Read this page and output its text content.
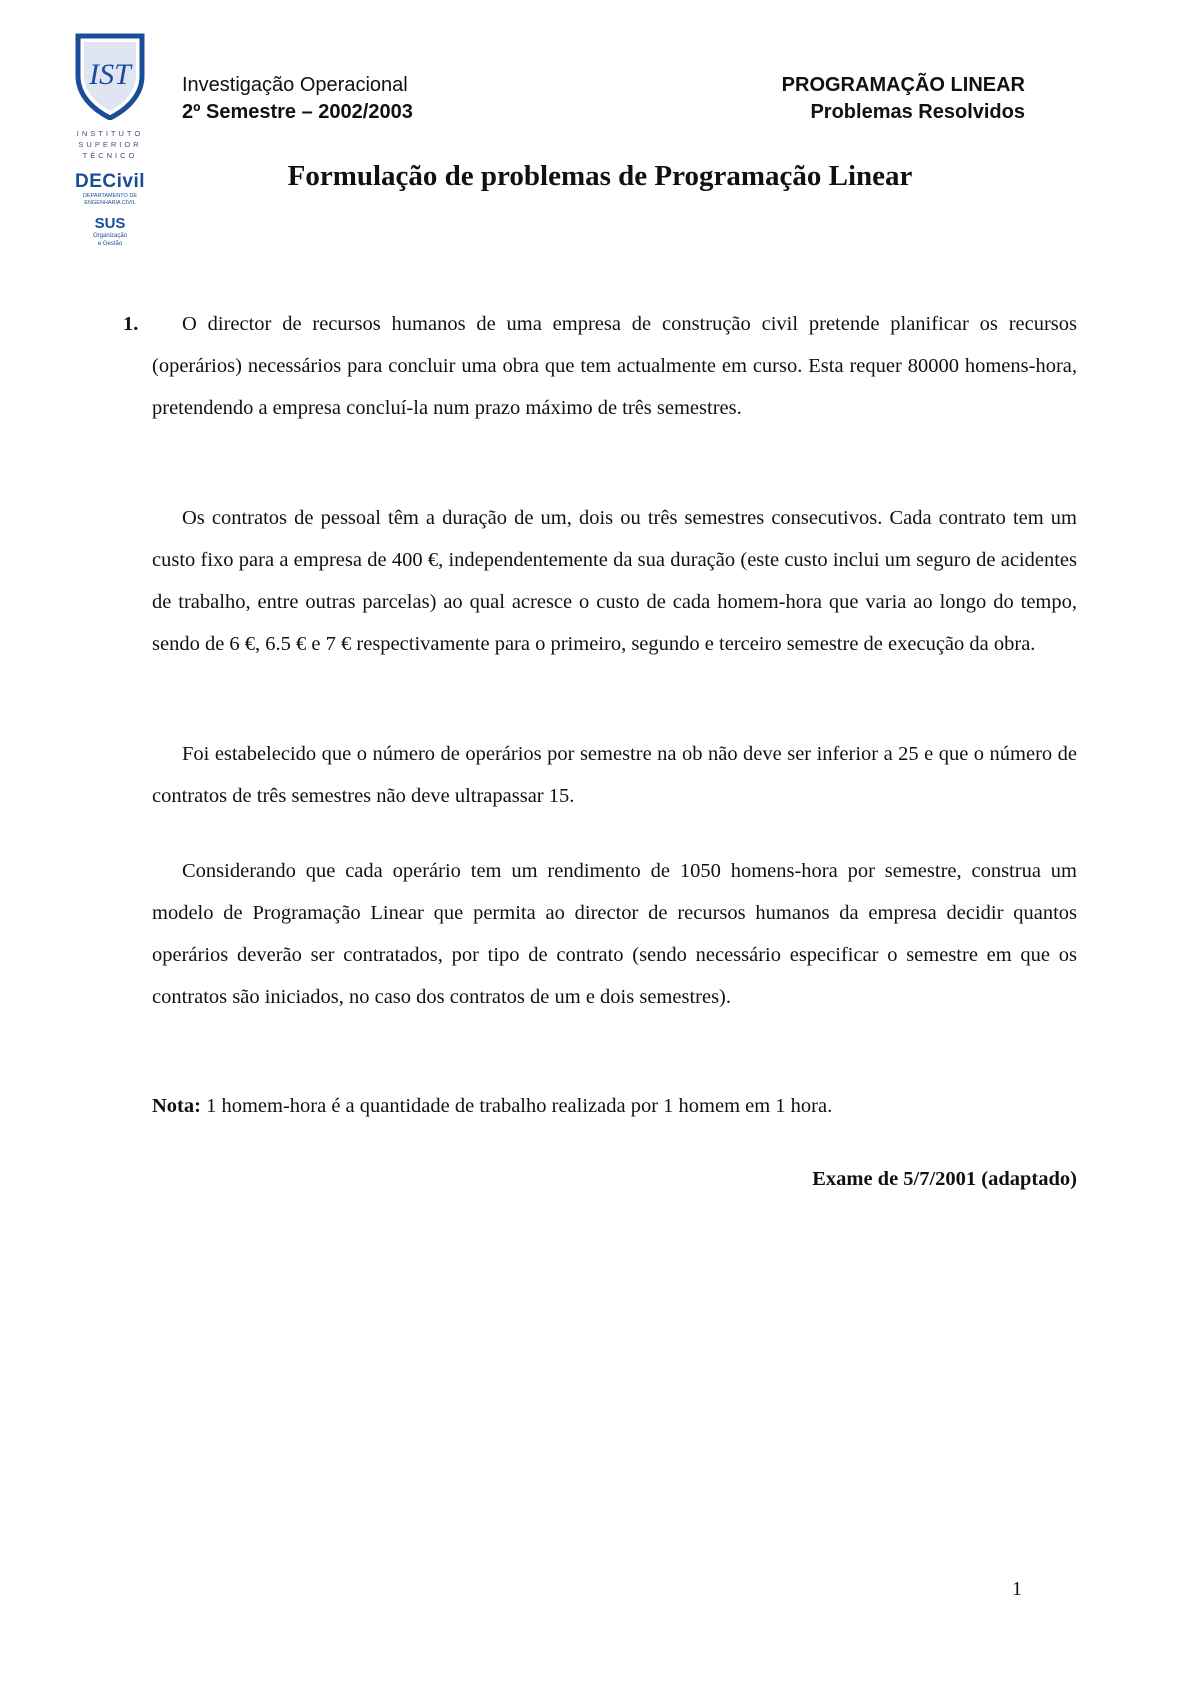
IST
INSTITUTO
SUPERIOR
TÉCNICO
DECivil
DEPARTAMENTO DE
ENGENHARIA CIVIL
SUS
Organização
e Gestão
Investigação Operacional
2º Semestre – 2002/2003
PROGRAMAÇÃO LINEAR
Problemas Resolvidos
Formulação de problemas de Programação Linear
1.	O director de recursos humanos de uma empresa de construção civil pretende planificar os recursos (operários) necessários para concluir uma obra que tem actualmente em curso. Esta requer 80000 homens-hora, pretendendo a empresa concluí-la num prazo máximo de três semestres.

Os contratos de pessoal têm a duração de um, dois ou três semestres consecutivos. Cada contrato tem um custo fixo para a empresa de 400 €, independentemente da sua duração (este custo inclui um seguro de acidentes de trabalho, entre outras parcelas) ao qual acresce o custo de cada homem-hora que varia ao longo do tempo, sendo de 6 €, 6.5 € e 7 € respectivamente para o primeiro, segundo e terceiro semestre de execução da obra.

Foi estabelecido que o número de operários por semestre na ob não deve ser inferior a 25 e que o número de contratos de três semestres não deve ultrapassar 15.

Considerando que cada operário tem um rendimento de 1050 homens-hora por semestre, construa um modelo de Programação Linear que permita ao director de recursos humanos da empresa decidir quantos operários deverão ser contratados, por tipo de contrato (sendo necessário especificar o semestre em que os contratos são iniciados, no caso dos contratos de um e dois semestres).

Nota: 1 homem-hora é a quantidade de trabalho realizada por 1 homem em 1 hora.

Exame de 5/7/2001 (adaptado)
1
